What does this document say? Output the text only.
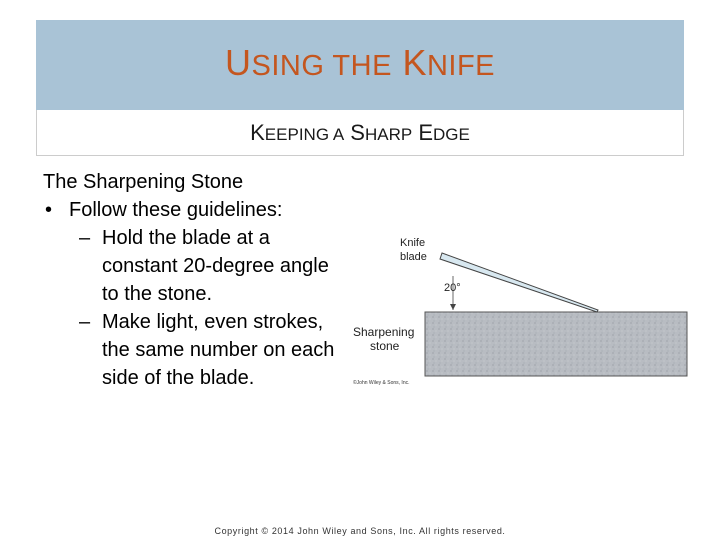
USING THE KNIFE
KEEPING A SHARP EDGE

The Sharpening Stone

• Follow these guidelines:

– Hold the blade at a constant 20-degree angle to the stone.

– Make light, even strokes, the same number on each side of the blade.

Knife
blade
20°
Sharpening
stone
©John Wiley & Sons, Inc.
Copyright © 2014 John Wiley and Sons, Inc. All rights reserved.
